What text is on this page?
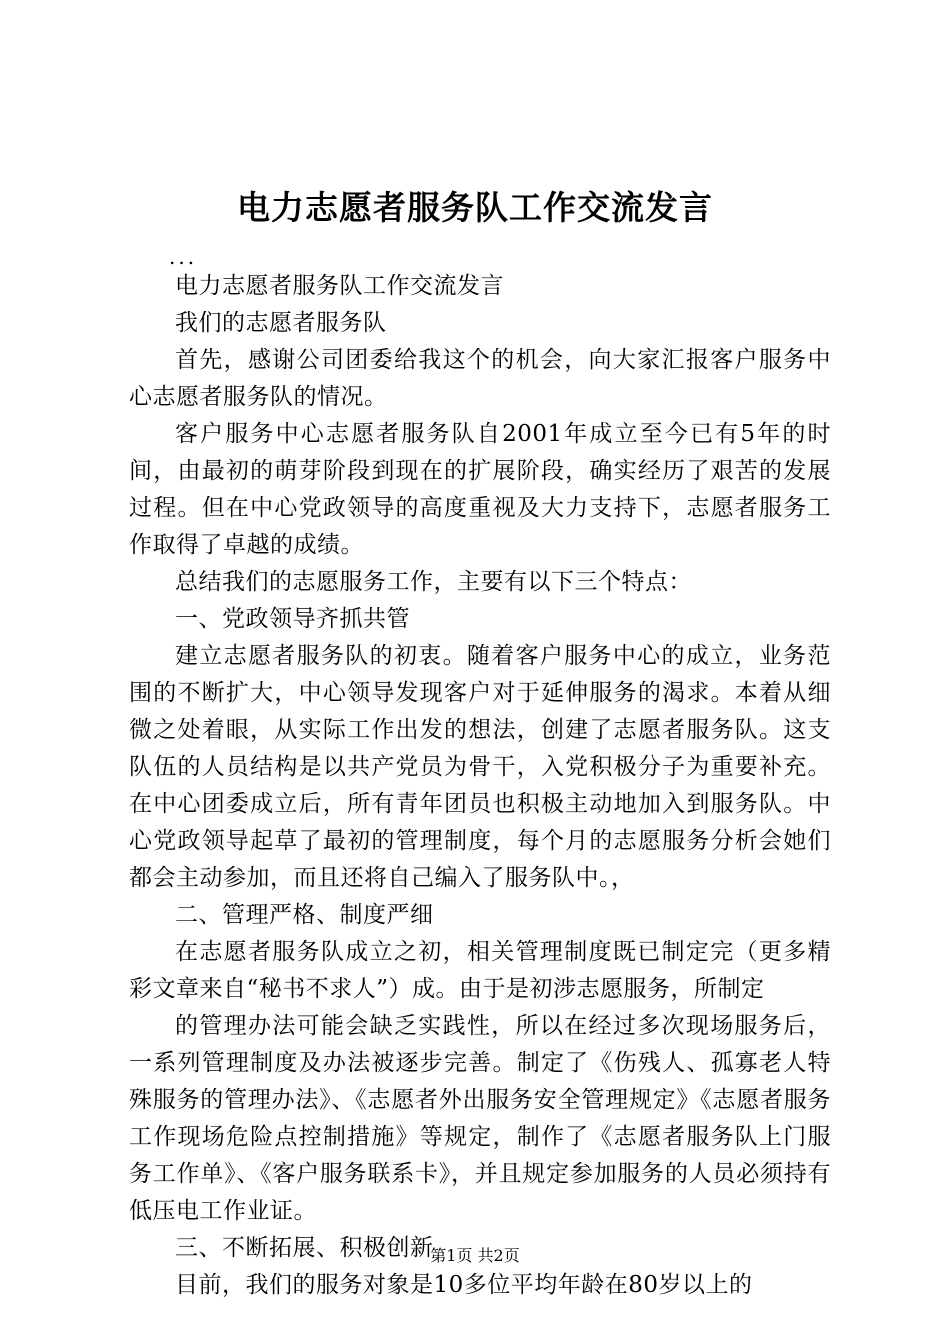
电力志愿者服务队工作交流发言

...

电力志愿者服务队工作交流发言

我们的志愿者服务队

首先，感谢公司团委给我这个的机会，向大家汇报客户服务中心志愿者服务队的情况。

客户服务中心志愿者服务队自2001年成立至今已有5年的时间，由最初的萌芽阶段到现在的扩展阶段，确实经历了艰苦的发展过程。但在中心党政领导的高度重视及大力支持下，志愿者服务工作取得了卓越的成绩。

总结我们的志愿服务工作，主要有以下三个特点：

一、党政领导齐抓共管

建立志愿者服务队的初衷。随着客户服务中心的成立，业务范围的不断扩大，中心领导发现客户对于延伸服务的渴求。本着从细微之处着眼，从实际工作出发的想法，创建了志愿者服务队。这支队伍的人员结构是以共产党员为骨干，入党积极分子为重要补充。在中心团委成立后，所有青年团员也积极主动地加入到服务队。中心党政领导起草了最初的管理制度，每个月的志愿服务分析会她们都会主动参加，而且还将自己编入了服务队中。，

二、管理严格、制度严细

在志愿者服务队成立之初，相关管理制度既已制定完（更多精彩文章来自“秘书不求人”）成。由于是初涉志愿服务，所制定

的管理办法可能会缺乏实践性，所以在经过多次现场服务后，一系列管理制度及办法被逐步完善。制定了《伤残人、孤寡老人特殊服务的管理办法》、《志愿者外出服务安全管理规定》《志愿者服务工作现场危险点控制措施》等规定，制作了《志愿者服务队上门服务工作单》、《客户服务联系卡》，并且规定参加服务的人员必须持有低压电工作业证。

三、不断拓展、积极创新

目前，我们的服务对象是10多位平均年龄在80岁以上的

第1页 共2页
